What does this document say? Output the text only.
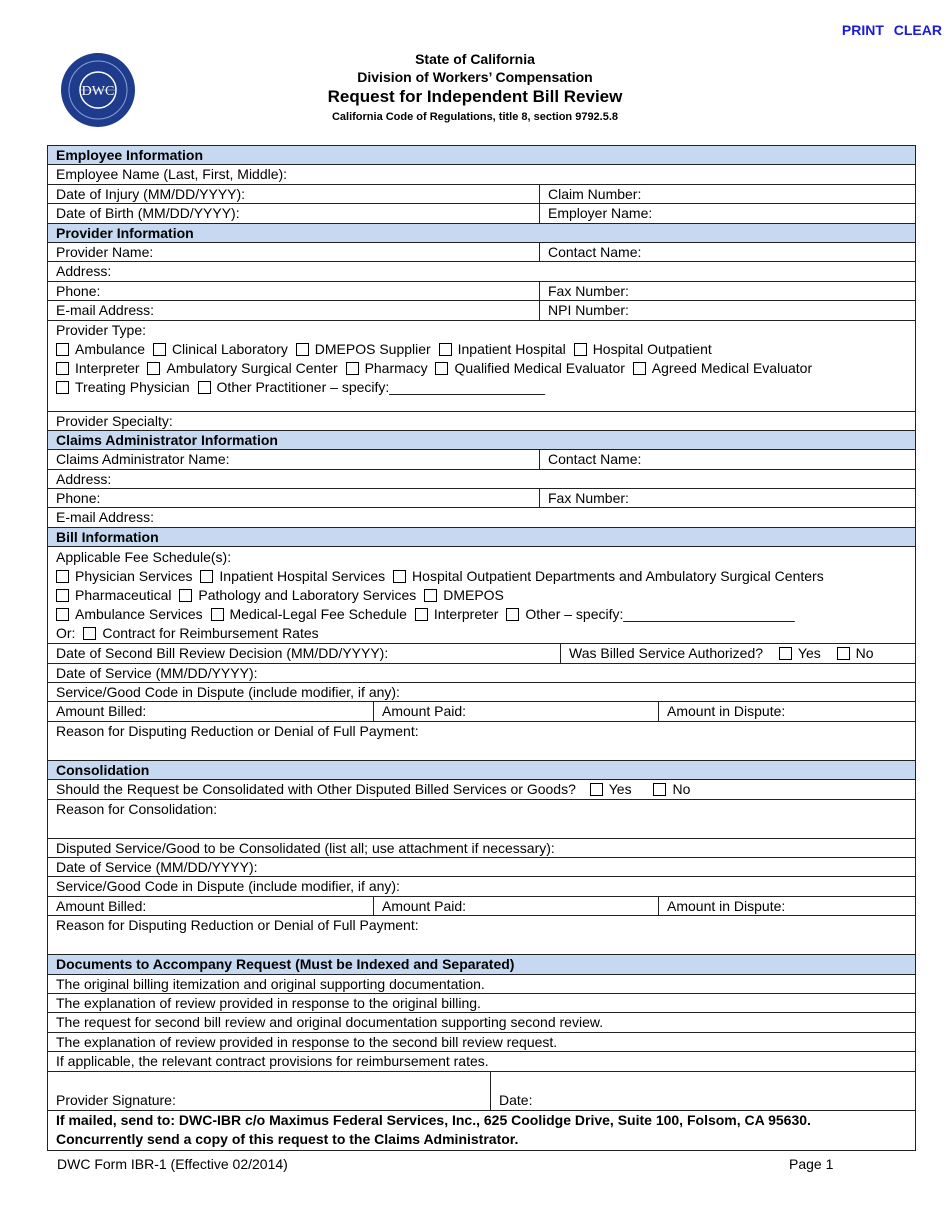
PRINT CLEAR
DWC
State of California
Division of Workers’ Compensation
Request for Independent Bill Review
California Code of Regulations, title 8, section 9792.5.8
Employee Information
Employee Name (Last, First, Middle):
Date of Injury (MM/DD/YYYY):	Claim Number:
Date of Birth (MM/DD/YYYY):	Employer Name:
Provider Information
Provider Name:	Contact Name:
Address:
Phone:	Fax Number:
E-mail Address:	NPI Number:
Provider Type:
Ambulance Clinical Laboratory DMEPOS Supplier Inpatient Hospital Hospital Outpatient
Interpreter Ambulatory Surgical Center Pharmacy Qualified Medical Evaluator Agreed Medical Evaluator
Treating Physician Other Practitioner – specify:____________________
Provider Specialty:
Claims Administrator Information
Claims Administrator Name:	Contact Name:
Address:
Phone:	Fax Number:
E-mail Address:
Bill Information
Applicable Fee Schedule(s):
Physician Services Inpatient Hospital Services Hospital Outpatient Departments and Ambulatory Surgical Centers
Pharmaceutical Pathology and Laboratory Services DMEPOS
Ambulance Services Medical-Legal Fee Schedule Interpreter Other – specify:______________________
Or: Contract for Reimbursement Rates
Date of Second Bill Review Decision (MM/DD/YYYY):	Was Billed Service Authorized? Yes No
Date of Service (MM/DD/YYYY):
Service/Good Code in Dispute (include modifier, if any):
Amount Billed:	Amount Paid:	Amount in Dispute:
Reason for Disputing Reduction or Denial of Full Payment:
Consolidation
Should the Request be Consolidated with Other Disputed Billed Services or Goods? Yes	No
Reason for Consolidation:
Disputed Service/Good to be Consolidated (list all; use attachment if necessary):
Date of Service (MM/DD/YYYY):
Service/Good Code in Dispute (include modifier, if any):
Amount Billed:	Amount Paid:	Amount in Dispute:
Reason for Disputing Reduction or Denial of Full Payment:
Documents to Accompany Request (Must be Indexed and Separated)
The original billing itemization and original supporting documentation.
The explanation of review provided in response to the original billing.
The request for second bill review and original documentation supporting second review.
The explanation of review provided in response to the second bill review request.
If applicable, the relevant contract provisions for reimbursement rates.
Provider Signature:	Date:
If mailed, send to: DWC-IBR c/o Maximus Federal Services, Inc., 625 Coolidge Drive, Suite 100, Folsom, CA 95630.
Concurrently send a copy of this request to the Claims Administrator.
DWC Form IBR-1 (Effective 02/2014)	Page 1
